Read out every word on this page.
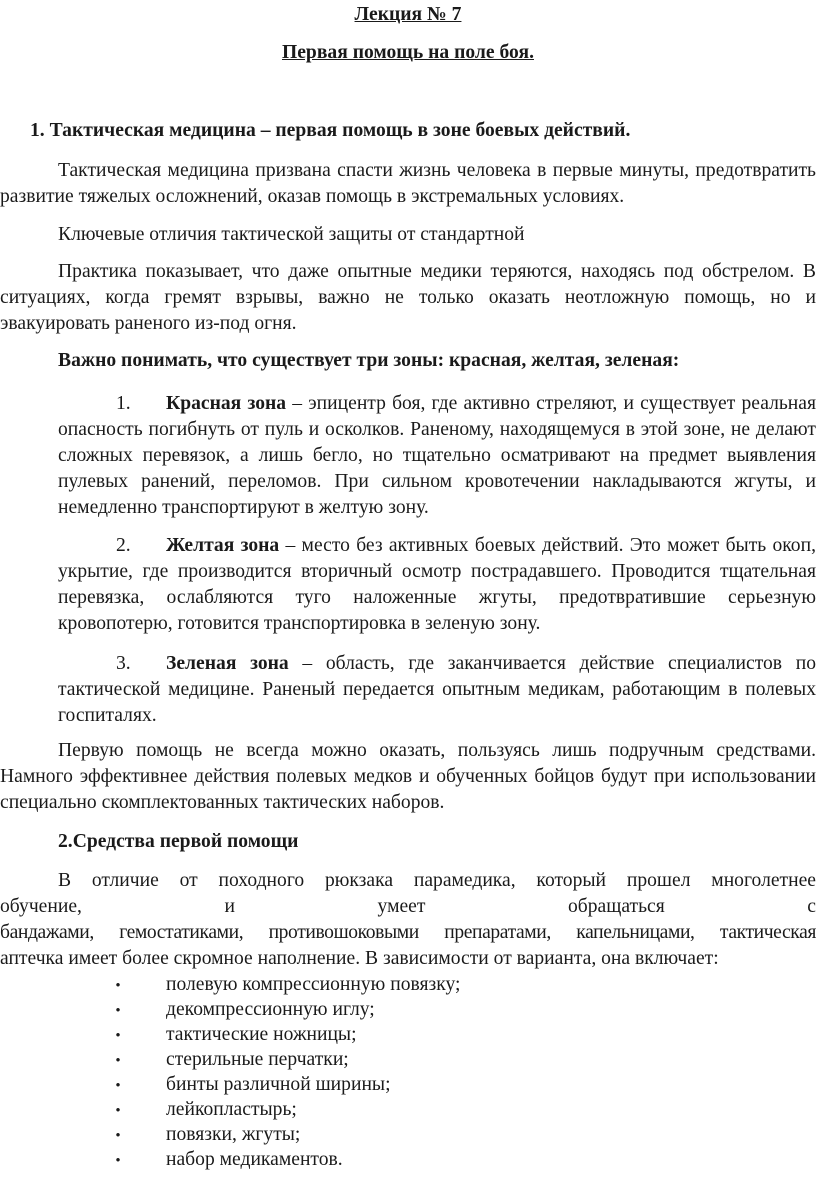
Лекция № 7
Первая помощь на поле боя.
1. Тактическая медицина – первая помощь в зоне боевых действий.
Тактическая медицина призвана спасти жизнь человека в первые минуты, предотвратить развитие тяжелых осложнений, оказав помощь в экстремальных условиях.
Ключевые отличия тактической защиты от стандартной
Практика показывает, что даже опытные медики теряются, находясь под обстрелом. В ситуациях, когда гремят взрывы, важно не только оказать неотложную помощь, но и эвакуировать раненого из-под огня.
Важно понимать, что существует три зоны: красная, желтая, зеленая:
1. Красная зона – эпицентр боя, где активно стреляют, и существует реальная опасность погибнуть от пуль и осколков. Раненому, находящемуся в этой зоне, не делают сложных перевязок, а лишь бегло, но тщательно осматривают на предмет выявления пулевых ранений, переломов. При сильном кровотечении накладываются жгуты, и немедленно транспортируют в желтую зону.
2. Желтая зона – место без активных боевых действий. Это может быть окоп, укрытие, где производится вторичный осмотр пострадавшего. Проводится тщательная перевязка, ослабляются туго наложенные жгуты, предотвратившие серьезную кровопотерю, готовится транспортировка в зеленую зону.
3. Зеленая зона – область, где заканчивается действие специалистов по тактической медицине. Раненый передается опытным медикам, работающим в полевых госпиталях.
Первую помощь не всегда можно оказать, пользуясь лишь подручным средствами. Намного эффективнее действия полевых медков и обученных бойцов будут при использовании специально скомплектованных тактических наборов.
2.Средства первой помощи
В отличие от походного рюкзака парамедика, который прошел многолетнее
обучение, и умеет обращаться с
бандажами, гемостатиками, противошоковыми препаратами, капельницами, тактическая
аптечка имеет более скромное наполнение. В зависимости от варианта, она включает:
•
полевую компрессионную повязку;
•
декомпрессионную иглу;
•
тактические ножницы;
•
стерильные перчатки;
•
бинты различной ширины;
•
лейкопластырь;
•
повязки, жгуты;
•
набор медикаментов.
